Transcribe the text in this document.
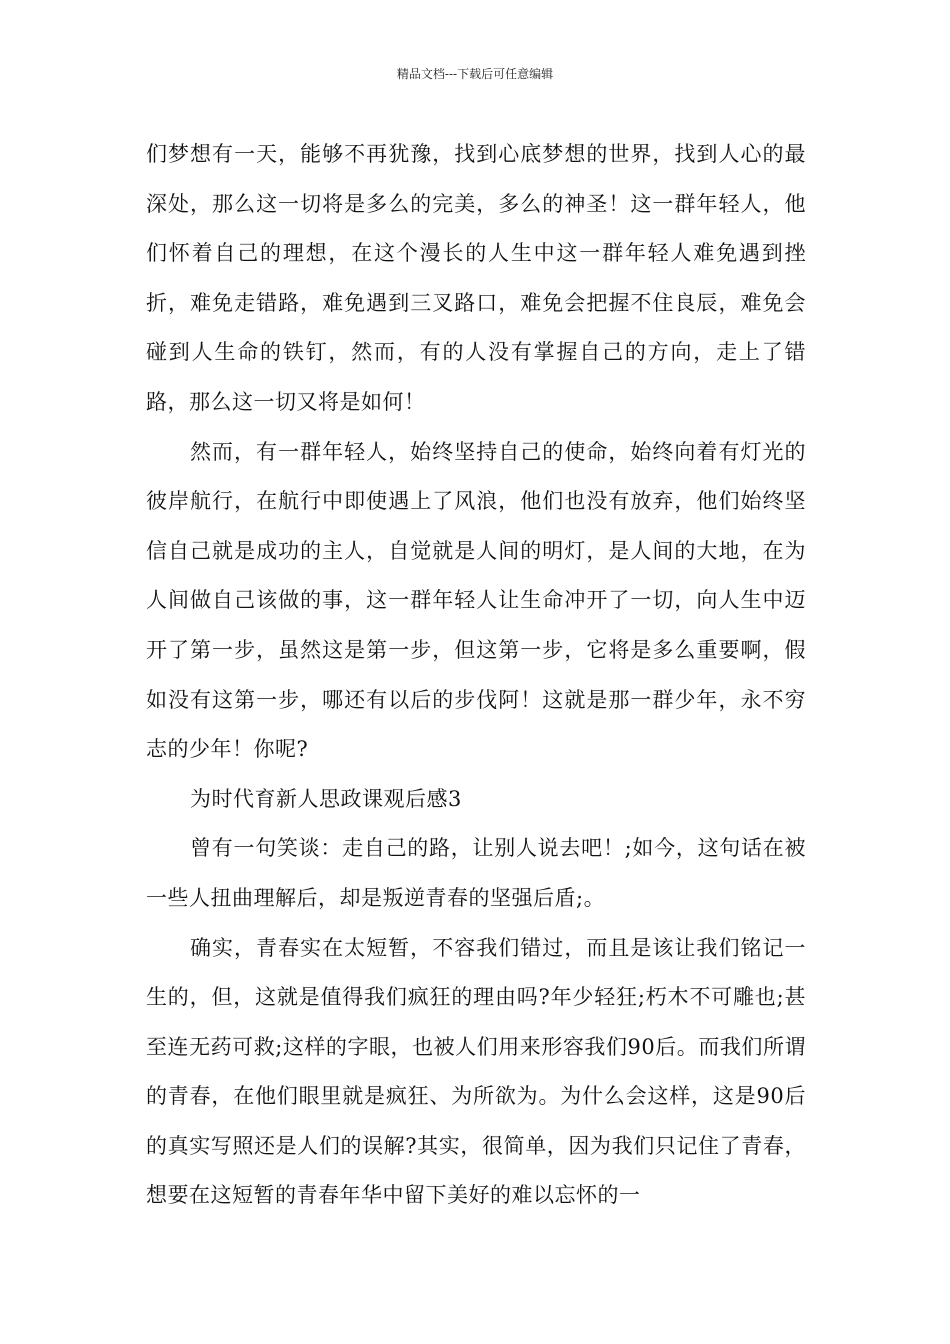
精品文档---下载后可任意编辑

们梦想有一天，能够不再犹豫，找到心底梦想的世界，找到人心的最深处，那么这一切将是多么的完美，多么的神圣！这一群年轻人，他们怀着自己的理想，在这个漫长的人生中这一群年轻人难免遇到挫折，难免走错路，难免遇到三叉路口，难免会把握不住良辰，难免会碰到人生命的铁钉，然而，有的人没有掌握自己的方向，走上了错路，那么这一切又将是如何！

然而，有一群年轻人，始终坚持自己的使命，始终向着有灯光的彼岸航行，在航行中即使遇上了风浪，他们也没有放弃，他们始终坚信自己就是成功的主人，自觉就是人间的明灯，是人间的大地，在为人间做自己该做的事，这一群年轻人让生命冲开了一切，向人生中迈开了第一步，虽然这是第一步，但这第一步，它将是多么重要啊，假如没有这第一步，哪还有以后的步伐阿！这就是那一群少年，永不穷志的少年！你呢?

为时代育新人思政课观后感3

曾有一句笑谈：走自己的路，让别人说去吧！;如今，这句话在被一些人扭曲理解后，却是叛逆青春的坚强后盾;。

确实，青春实在太短暂，不容我们错过，而且是该让我们铭记一生的，但，这就是值得我们疯狂的理由吗?年少轻狂;朽木不可雕也;甚至连无药可救;这样的字眼，也被人们用来形容我们90后。而我们所谓的青春，在他们眼里就是疯狂、为所欲为。为什么会这样，这是90后的真实写照还是人们的误解?其实，很简单，因为我们只记住了青春，想要在这短暂的青春年华中留下美好的难以忘怀的一
